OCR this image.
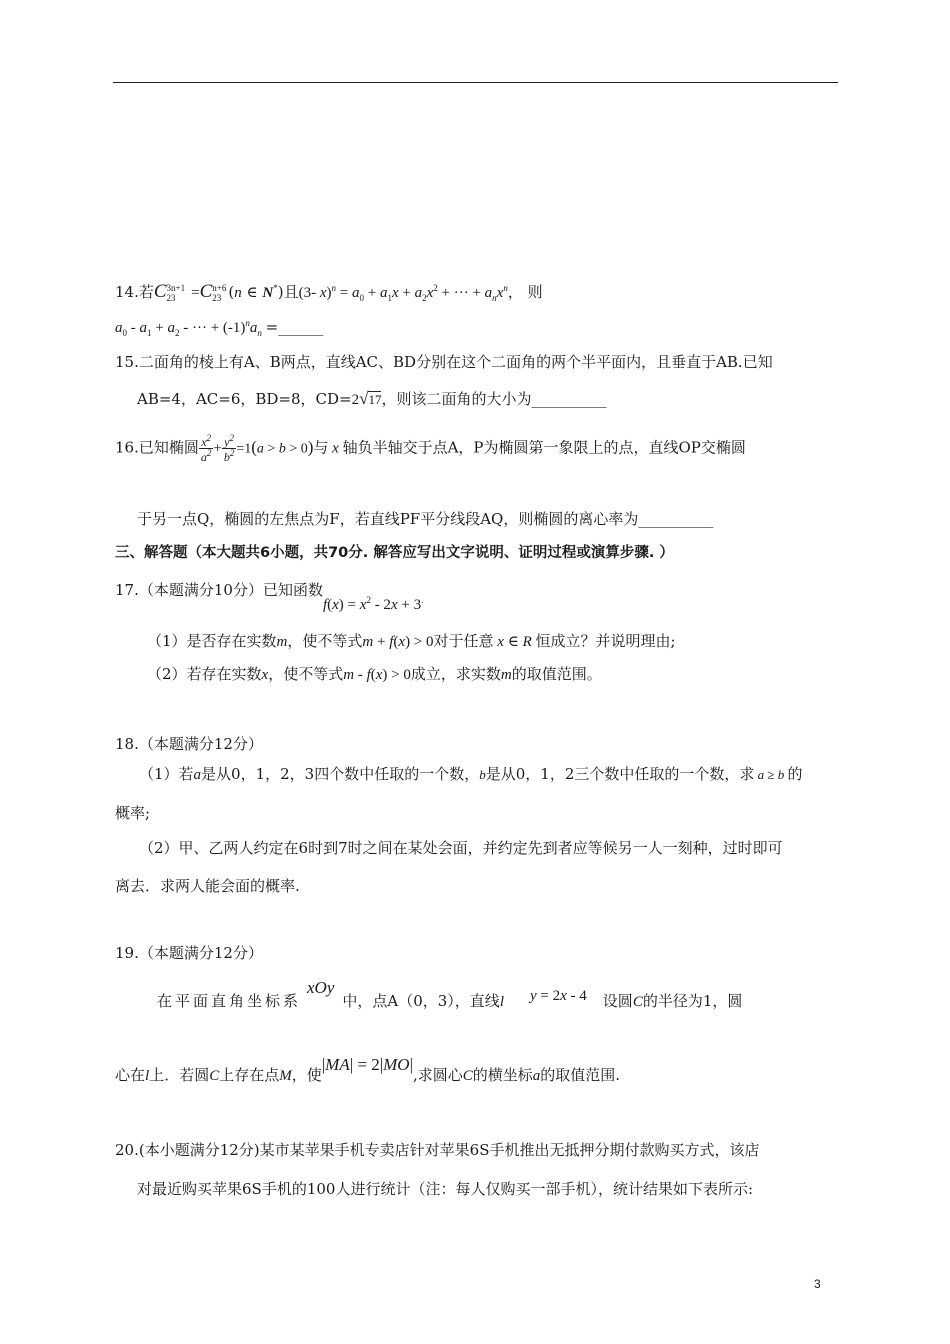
14.若C 3n+1
23	=C n+6
23 (n ∈ N*)且(3- $x)^n = a_0 + a_1x + a_2x^2$ + ··· + $a_nx^n$， 则
$a_0 - a_1 + a_2$ - ··· + $(-1)^na_n$ =______
15.二面角的棱上有A、B两点，直线AC、BD分别在这个二面角的两个半平面内，且垂直于AB.已知
AB=4，AC=6，BD=8，CD=2√17，则该二面角的大小为__________
16.已知椭圆 $\frac{x^2}{a^2} + \frac{y^2}{b^2} =1(a > b > 0)$与 x 轴负半轴交于点A，P为椭圆第一象限上的点，直线OP交椭圆
于另一点Q，椭圆的左焦点为F，若直线PF平分线段AQ，则椭圆的离心率为__________
三、解答题（本大题共6小题，共70分. 解答应写出文字说明、证明过程或演算步骤. ）
17.（本题满分10分）已知函数$f(x) = x^2 - 2x + 3^.$
（1）是否存在实数m，使不等式m + f(x) > 0对于任意 x ∈ R 恒成立？并说明理由;
（2）若存在实数x，使不等式m - f(x) > 0成立，求实数m的取值范围。
18.（本题满分12分）
（1）若a是从0，1，2，3四个数中任取的一个数，b是从0，1，2三个数中任取的一个数，求 a ≥ b 的
概率;
（2）甲、乙两人约定在6时到7时之间在某处会面，并约定先到者应等候另一人一刻种，过时即可
离去．求两人能会面的概率.
19.（本题满分12分）
在平面直角坐标系xOy中，点A（0，3），直线l y = 2x - 4 设圆C的半径为1，圆
心在l上．若圆C上存在点M，使|MA| = 2|MO|,求圆心C的横坐标a的取值范围.
20.(本小题满分12分)某市某苹果手机专卖店针对苹果6S手机推出无抵押分期付款购买方式，该店
对最近购买苹果6S手机的100人进行统计（注：每人仅购买一部手机），统计结果如下表所示:
3
